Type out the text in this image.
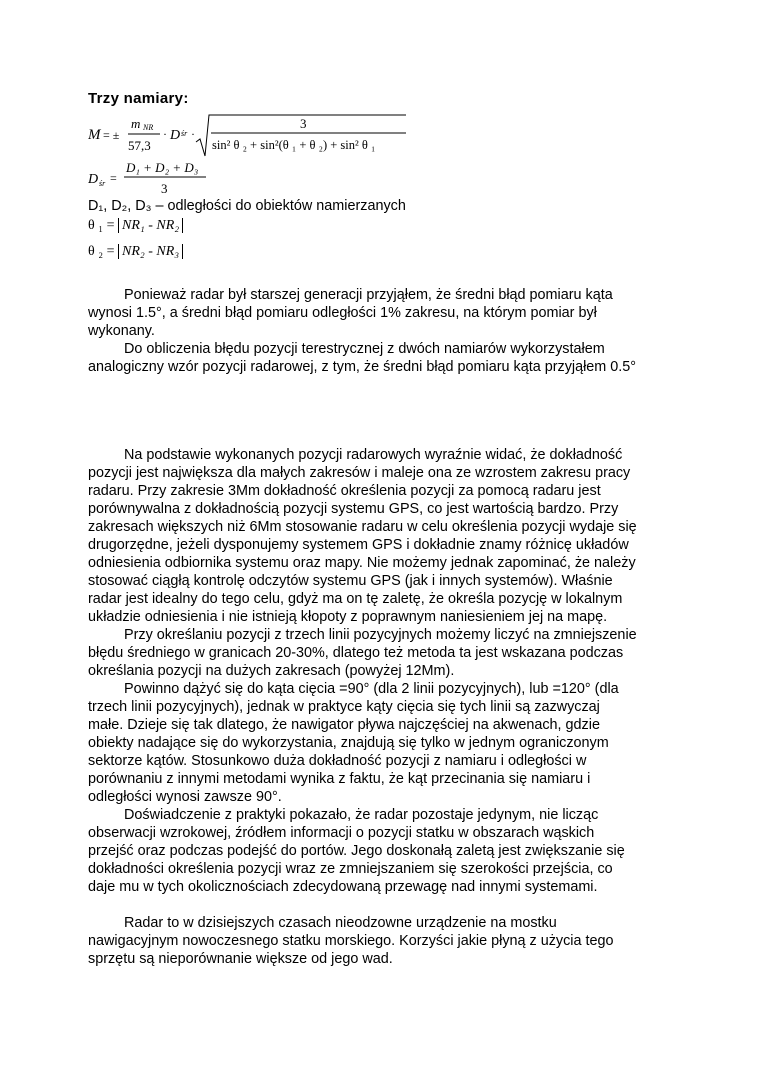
Trzy namiary:
M = ±
m NR
57,3
· D śr ·
3
sin² θ ₂ + sin²(θ ₁ + θ ₂) + sin² θ ₁
D śr =
D₁ + D₂ + D₃
3
D₁, D₂, D₃ – odległości do obiektów namierzanych
θ ₁ = NR₁ - NR₂
θ ₂ = NR₂ - NR₃
Ponieważ radar był starszej generacji przyjąłem, że średni błąd pomiaru kąta
wynosi 1.5°, a średni błąd pomiaru odległości 1% zakresu, na którym pomiar był
wykonany.
Do obliczenia błędu pozycji terestrycznej z dwóch namiarów wykorzystałem
analogiczny wzór pozycji radarowej, z tym, że średni błąd pomiaru kąta przyjąłem 0.5°
Na podstawie wykonanych pozycji radarowych wyraźnie widać, że dokładność
pozycji jest największa dla małych zakresów i maleje ona ze wzrostem zakresu pracy
radaru. Przy zakresie 3Mm dokładność określenia pozycji za pomocą radaru jest
porównywalna z dokładnością pozycji systemu GPS, co jest wartością bardzo. Przy
zakresach większych niż 6Mm stosowanie radaru w celu określenia pozycji wydaje się
drugorzędne, jeżeli dysponujemy systemem GPS i dokładnie znamy różnicę układów
odniesienia odbiornika systemu oraz mapy. Nie możemy jednak zapominać, że należy
stosować ciągłą kontrolę odczytów systemu GPS (jak i innych systemów). Właśnie
radar jest idealny do tego celu, gdyż ma on tę zaletę, że określa pozycję w lokalnym
układzie odniesienia i nie istnieją kłopoty z poprawnym naniesieniem jej na mapę.
Przy określaniu pozycji z trzech linii pozycyjnych możemy liczyć na zmniejszenie
błędu średniego w granicach 20-30%, dlatego też metoda ta jest wskazana podczas
określania pozycji na dużych zakresach (powyżej 12Mm).
Powinno dążyć się do kąta cięcia =90° (dla 2 linii pozycyjnych), lub =120° (dla
trzech linii pozycyjnych), jednak w praktyce kąty cięcia się tych linii są zazwyczaj
małe. Dzieje się tak dlatego, że nawigator pływa najczęściej na akwenach, gdzie
obiekty nadające się do wykorzystania, znajdują się tylko w jednym ograniczonym
sektorze kątów. Stosunkowo duża dokładność pozycji z namiaru i odległości w
porównaniu z innymi metodami wynika z faktu, że kąt przecinania się namiaru i
odległości wynosi zawsze 90°.
Doświadczenie z praktyki pokazało, że radar pozostaje jedynym, nie licząc
obserwacji wzrokowej, źródłem informacji o pozycji statku w obszarach wąskich
przejść oraz podczas podejść do portów. Jego doskonałą zaletą jest zwiększanie się
dokładności określenia pozycji wraz ze zmniejszaniem się szerokości przejścia, co
daje mu w tych okolicznościach zdecydowaną przewagę nad innymi systemami.
Radar to w dzisiejszych czasach nieodzowne urządzenie na mostku
nawigacyjnym nowoczesnego statku morskiego. Korzyści jakie płyną z użycia tego
sprzętu są nieporównanie większe od jego wad.
